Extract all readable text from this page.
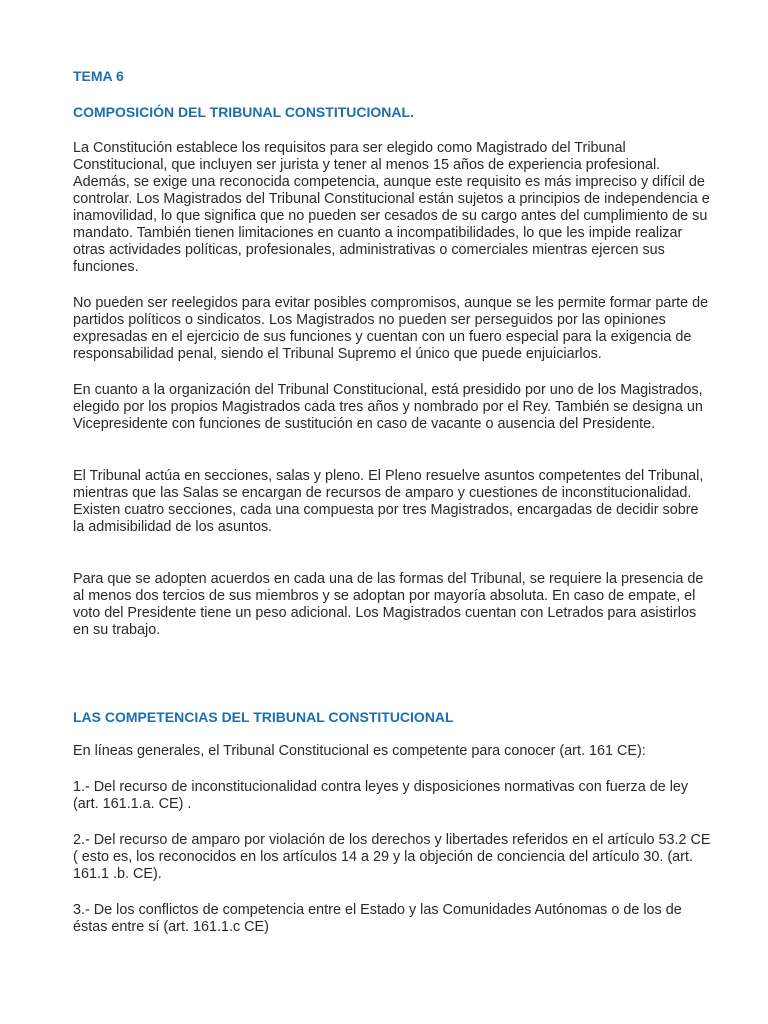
TEMA 6
COMPOSICIÓN DEL TRIBUNAL CONSTITUCIONAL.

La Constitución establece los requisitos para ser elegido como Magistrado del Tribunal Constitucional, que incluyen ser jurista y tener al menos 15 años de experiencia profesional. Además, se exige una reconocida competencia, aunque este requisito es más impreciso y difícil de controlar. Los Magistrados del Tribunal Constitucional están sujetos a principios de independencia e inamovilidad, lo que significa que no pueden ser cesados de su cargo antes del cumplimiento de su mandato. También tienen limitaciones en cuanto a incompatibilidades, lo que les impide realizar otras actividades políticas, profesionales, administrativas o comerciales mientras ejercen sus funciones.

No pueden ser reelegidos para evitar posibles compromisos, aunque se les permite formar parte de partidos políticos o sindicatos. Los Magistrados no pueden ser perseguidos por las opiniones expresadas en el ejercicio de sus funciones y cuentan con un fuero especial para la exigencia de responsabilidad penal, siendo el Tribunal Supremo el único que puede enjuiciarlos.

En cuanto a la organización del Tribunal Constitucional, está presidido por uno de los Magistrados, elegido por los propios Magistrados cada tres años y nombrado por el Rey. También se designa un Vicepresidente con funciones de sustitución en caso de vacante o ausencia del Presidente.

El Tribunal actúa en secciones, salas y pleno. El Pleno resuelve asuntos competentes del Tribunal, mientras que las Salas se encargan de recursos de amparo y cuestiones de inconstitucionalidad. Existen cuatro secciones, cada una compuesta por tres Magistrados, encargadas de decidir sobre la admisibilidad de los asuntos.

Para que se adopten acuerdos en cada una de las formas del Tribunal, se requiere la presencia de al menos dos tercios de sus miembros y se adoptan por mayoría absoluta. En caso de empate, el voto del Presidente tiene un peso adicional. Los Magistrados cuentan con Letrados para asistirlos en su trabajo.

LAS COMPETENCIAS DEL TRIBUNAL CONSTITUCIONAL

En líneas generales, el Tribunal Constitucional es competente para conocer (art. 161 CE):

1.- Del recurso de inconstitucionalidad contra leyes y disposiciones normativas con fuerza de ley (art. 161.1.a. CE) .

2.- Del recurso de amparo por violación de los derechos y libertades referidos en el artículo 53.2 CE ( esto es, los reconocidos en los artículos 14 a 29 y la objeción de conciencia del artículo 30. (art. 161.1 .b. CE).

3.- De los conflictos de competencia entre el Estado y las Comunidades Autónomas o de los de éstas entre sí (art. 161.1.c CE)
